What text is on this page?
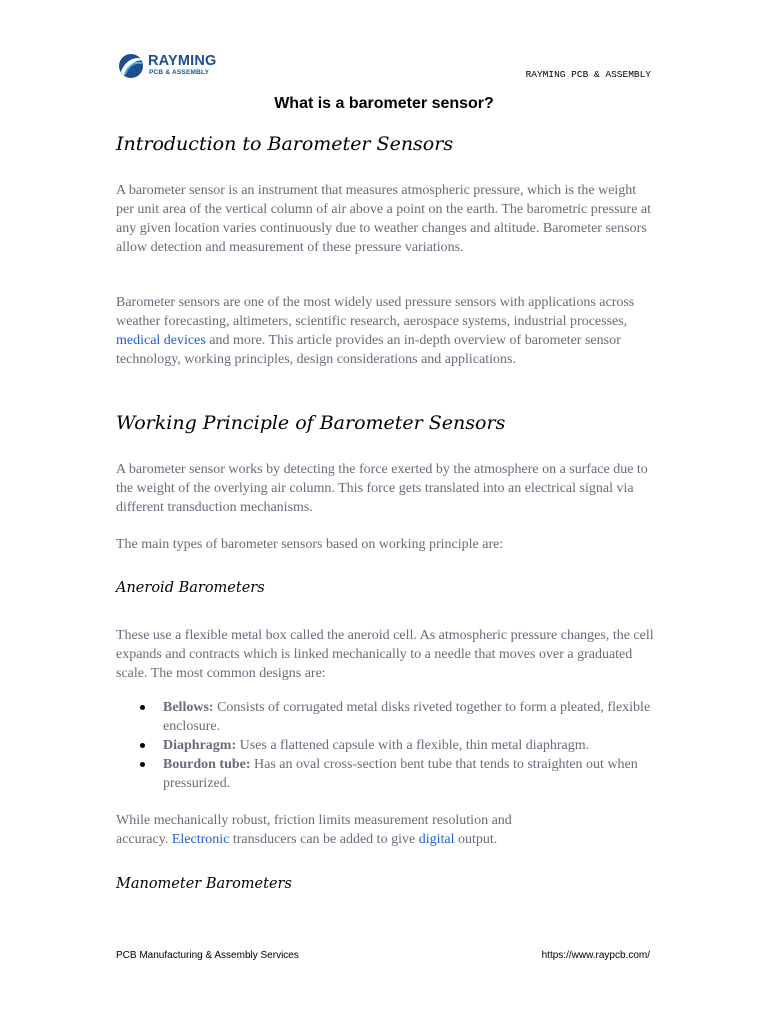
RAYMING
PCB & ASSEMBLY	RAYMING PCB & ASSEMBLY
What is a barometer sensor?
Introduction to Barometer Sensors

A barometer sensor is an instrument that measures atmospheric pressure, which is the weight per unit area of the vertical column of air above a point on the earth. The barometric pressure at any given location varies continuously due to weather changes and altitude. Barometer sensors allow detection and measurement of these pressure variations.

Barometer sensors are one of the most widely used pressure sensors with applications across weather forecasting, altimeters, scientific research, aerospace systems, industrial processes, medical devices and more. This article provides an in-depth overview of barometer sensor technology, working principles, design considerations and applications.

Working Principle of Barometer Sensors

A barometer sensor works by detecting the force exerted by the atmosphere on a surface due to the weight of the overlying air column. This force gets translated into an electrical signal via different transduction mechanisms.

The main types of barometer sensors based on working principle are:

Aneroid Barometers

These use a flexible metal box called the aneroid cell. As atmospheric pressure changes, the cell expands and contracts which is linked mechanically to a needle that moves over a graduated scale. The most common designs are:

Bellows: Consists of corrugated metal disks riveted together to form a pleated, flexible enclosure.
Diaphragm: Uses a flattened capsule with a flexible, thin metal diaphragm.
Bourdon tube: Has an oval cross-section bent tube that tends to straighten out when pressurized.

While mechanically robust, friction limits measurement resolution and accuracy. Electronic transducers can be added to give digital output.

Manometer Barometers
PCB Manufacturing & Assembly Services	https://www.raypcb.com/
